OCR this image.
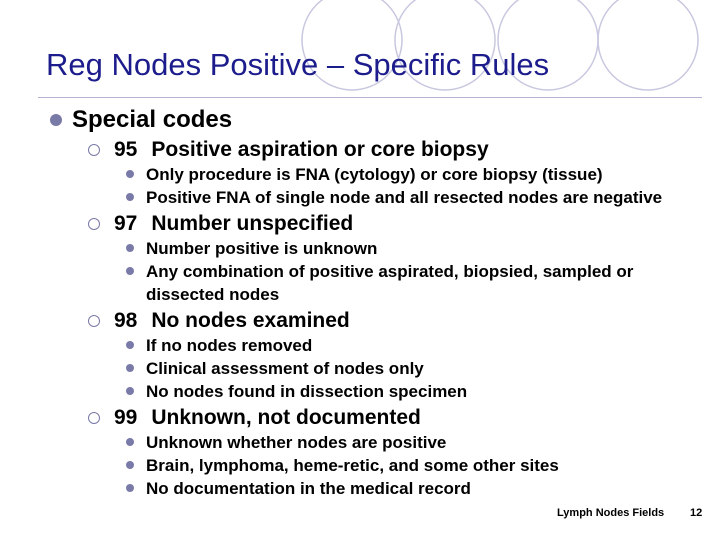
Reg Nodes Positive – Specific Rules
Special codes
95 Positive aspiration or core biopsy
Only procedure is FNA (cytology) or core biopsy (tissue)
Positive FNA of single node and all resected nodes are negative
97 Number unspecified
Number positive is unknown
Any combination of positive aspirated, biopsied, sampled or dissected nodes
98 No nodes examined
If no nodes removed
Clinical assessment of nodes only
No nodes found in dissection specimen
99 Unknown, not documented
Unknown whether nodes are positive
Brain, lymphoma, heme-retic, and some other sites
No documentation in the medical record
Lymph Nodes Fields 12
